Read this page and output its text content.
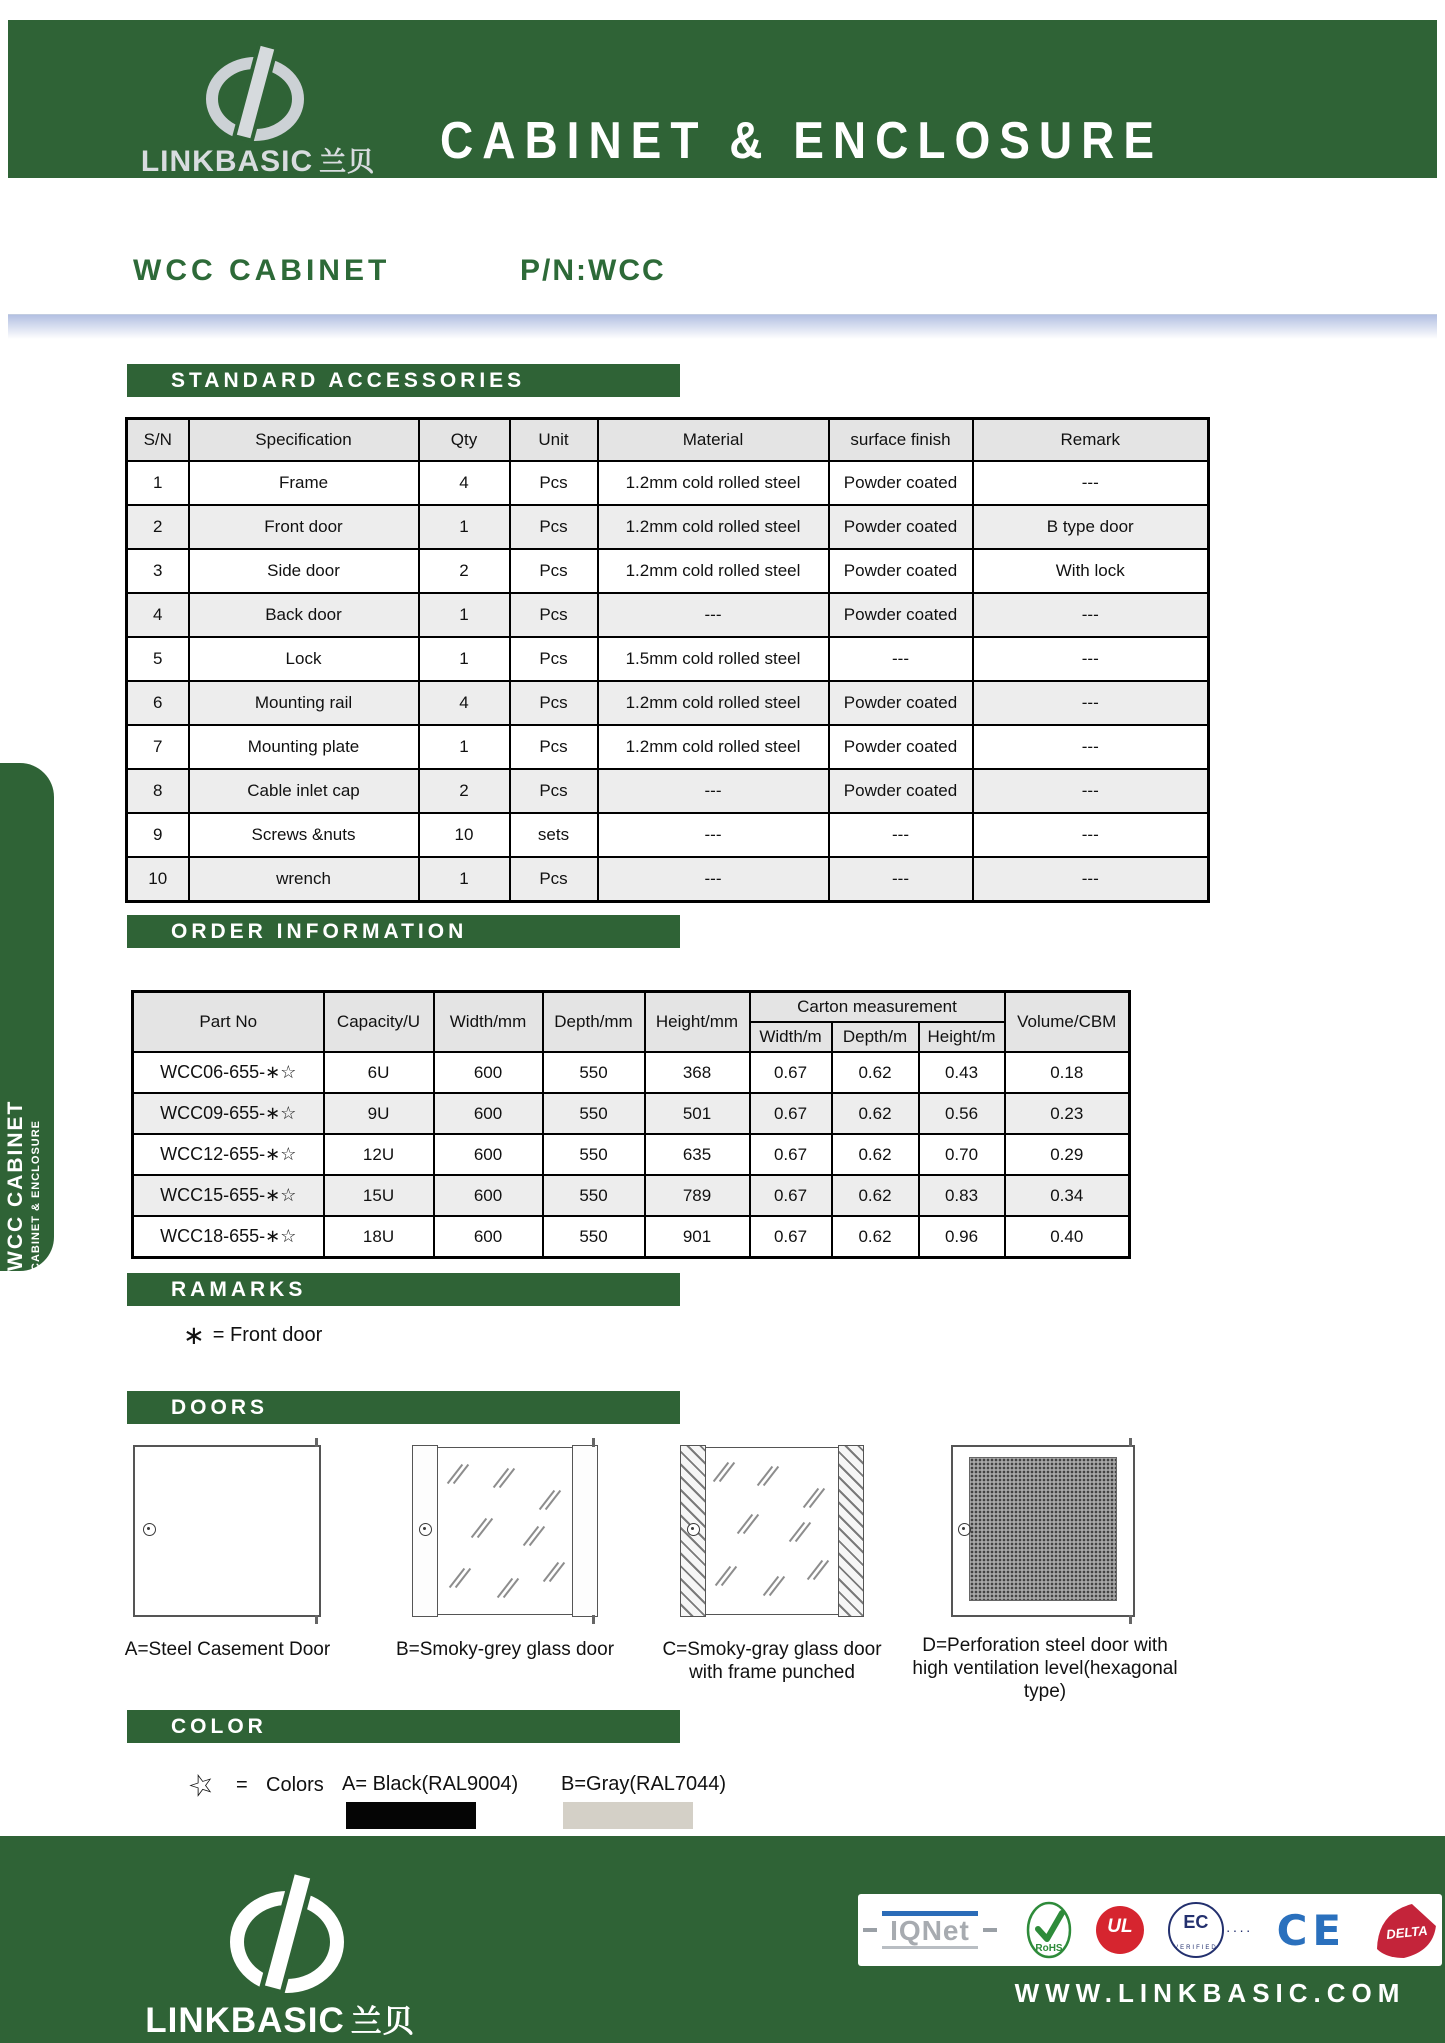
LINKBASIC 兰贝	CABINET & ENCLOSURE
WCC CABINET	P/N:WCC
WCC CABINET CABINET & ENCLOSURE
STANDARD ACCESSORIES
S/N	Specification	Qty	Unit	Material	surface finish	Remark
1	Frame	4	Pcs	1.2mm cold rolled steel	Powder coated	---
2	Front door	1	Pcs	1.2mm cold rolled steel	Powder coated	B type door
3	Side door	2	Pcs	1.2mm cold rolled steel	Powder coated	With lock
4	Back door	1	Pcs	---	Powder coated	---
5	Lock	1	Pcs	1.5mm cold rolled steel	---	---
6	Mounting rail	4	Pcs	1.2mm cold rolled steel	Powder coated	---
7	Mounting plate	1	Pcs	1.2mm cold rolled steel	Powder coated	---
8	Cable inlet cap	2	Pcs	---	Powder coated	---
9	Screws &nuts	10	sets	---	---	---
10	wrench	1	Pcs	---	---	---
ORDER INFORMATION
Part No	Capacity/U	Width/mm	Depth/mm	Height/mm	Carton measurement			Volume/CBM
					Width/m	Depth/m	Height/m	
WCC06-655-∗☆	6U	600	550	368	0.67	0.62	0.43	0.18
WCC09-655-∗☆	9U	600	550	501	0.67	0.62	0.56	0.23
WCC12-655-∗☆	12U	600	550	635	0.67	0.62	0.70	0.29
WCC15-655-∗☆	15U	600	550	789	0.67	0.62	0.83	0.34
WCC18-655-∗☆	18U	600	550	901	0.67	0.62	0.96	0.40
RAMARKS
∗ = Front door
DOORS
A=Steel Casement Door	B=Smoky-grey glass door	C=Smoky-gray glass door with frame punched
D=Perforation steel door with high ventilation level(hexagonal type)
COLOR
☆ = Colors A= Black(RAL9004) B=Gray(RAL7044)
LINKBASIC 兰贝
IQNet
RoHS
UL	EC
VERIFIED
···· CE	DELTA
WWW.LINKBASIC.COM
